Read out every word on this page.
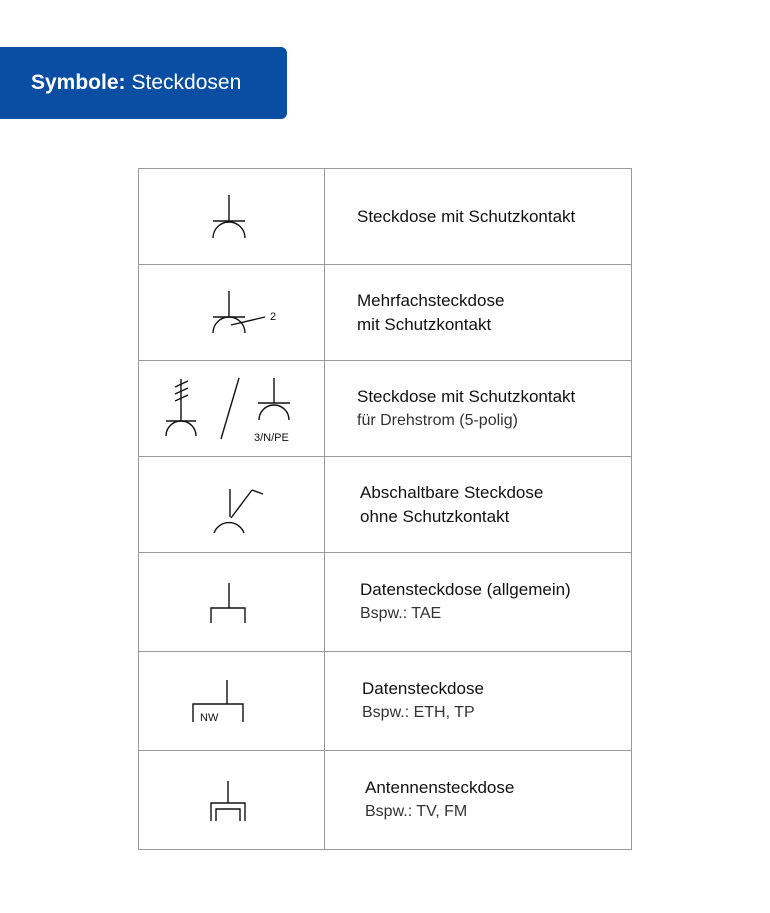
Symbole: Steckdosen

Steckdose mit Schutzkontakt

2	Mehrfachsteckdose
mit Schutzkontakt

3/N/PE	Steckdose mit Schutzkontakt
für Drehstrom (5-polig)

Abschaltbare Steckdose
ohne Schutzkontakt

Datensteckdose (allgemein)
Bspw.: TAE

NW	Datensteckdose
Bspw.: ETH, TP

Antennensteckdose
Bspw.: TV, FM
